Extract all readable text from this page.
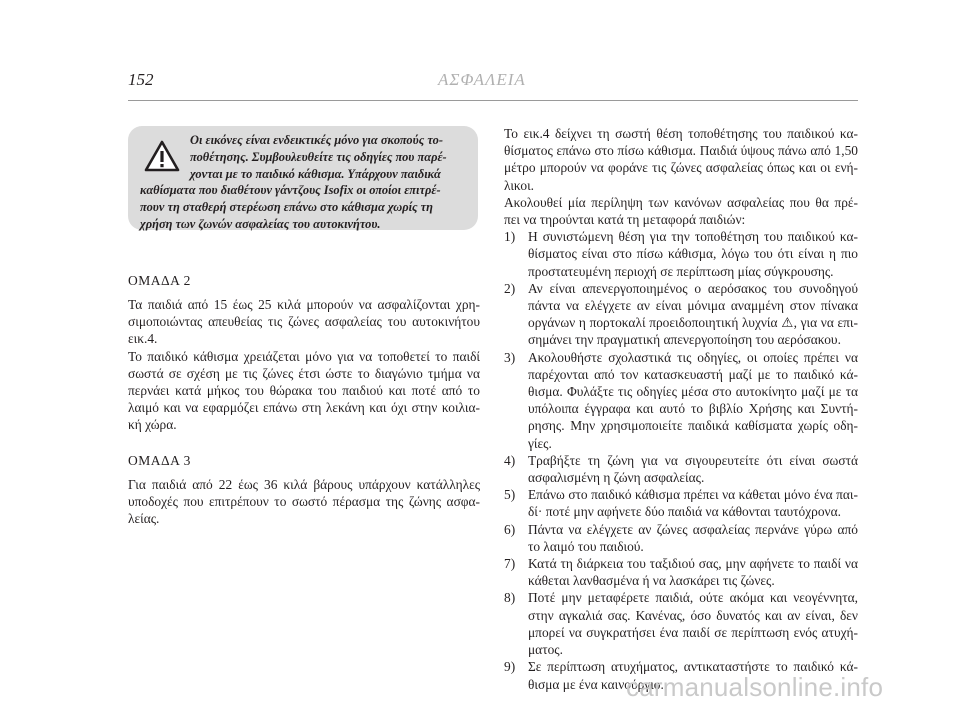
152	ΑΣΦΑΛΕΙΑ
Οι εικόνες είναι ενδεικτικές μόνο για σκοπούς το-
ποθέτησης. Συμβουλευθείτε τις οδηγίες που παρέ-
χονται με το παιδικό κάθισμα. Υπάρχουν παιδικά
καθίσματα που διαθέτουν γάντζους Isofix οι οποίοι επιτρέ-
πουν τη σταθερή στερέωση επάνω στο κάθισμα χωρίς τη
χρήση των ζωνών ασφαλείας του αυτοκινήτου.
ΟΜΑΔΑ 2

Τα παιδιά από 15 έως 25 κιλά μπορούν να ασφαλίζονται χρη-
σιμοποιώντας απευθείας τις ζώνες ασφαλείας του αυτοκινήτου
εικ.4.

Το παιδικό κάθισμα χρειάζεται μόνο για να τοποθετεί το παιδί
σωστά σε σχέση με τις ζώνες έτσι ώστε το διαγώνιο τμήμα να
περνάει κατά μήκος του θώρακα του παιδιού και ποτέ από το
λαιμό και να εφαρμόζει επάνω στη λεκάνη και όχι στην κοιλια-
κή χώρα.

ΟΜΑΔΑ 3

Για παιδιά από 22 έως 36 κιλά βάρους υπάρχουν κατάλληλες
υποδοχές που επιτρέπουν το σωστό πέρασμα της ζώνης ασφα-
λείας.

Το εικ.4 δείχνει τη σωστή θέση τοποθέτησης του παιδικού κα-
θίσματος επάνω στο πίσω κάθισμα. Παιδιά ύψους πάνω από 1,50
μέτρο μπορούν να φοράνε τις ζώνες ασφαλείας όπως και οι ενή-
λικοι.
Ακολουθεί μία περίληψη των κανόνων ασφαλείας που θα πρέ-
πει να τηρούνται κατά τη μεταφορά παιδιών:

1) Η συνιστώμενη θέση για την τοποθέτηση του παιδικού κα-
θίσματος είναι στο πίσω κάθισμα, λόγω του ότι είναι η πιο
προστατευμένη περιοχή σε περίπτωση μίας σύγκρουσης.
2) Αν είναι απενεργοποιημένος ο αερόσακος του συνοδηγού
πάντα να ελέγχετε αν είναι μόνιμα αναμμένη στον πίνακα
οργάνων η πορτοκαλί προειδοποιητική λυχνία ⚠, για να επι-
σημάνει την πραγματική απενεργοποίηση του αερόσακου.
3) Ακολουθήστε σχολαστικά τις οδηγίες, οι οποίες πρέπει να
παρέχονται από τον κατασκευαστή μαζί με το παιδικό κά-
θισμα. Φυλάξτε τις οδηγίες μέσα στο αυτοκίνητο μαζί με τα
υπόλοιπα έγγραφα και αυτό το βιβλίο Χρήσης και Συντή-
ρησης. Μην χρησιμοποιείτε παιδικά καθίσματα χωρίς οδη-
γίες.
4) Τραβήξτε τη ζώνη για να σιγουρευτείτε ότι είναι σωστά
ασφαλισμένη η ζώνη ασφαλείας.
5) Επάνω στο παιδικό κάθισμα πρέπει να κάθεται μόνο ένα παι-
δί· ποτέ μην αφήνετε δύο παιδιά να κάθονται ταυτόχρονα.
6) Πάντα να ελέγχετε αν ζώνες ασφαλείας περνάνε γύρω από
το λαιμό του παιδιού.
7) Κατά τη διάρκεια του ταξιδιού σας, μην αφήνετε το παιδί να
κάθεται λανθασμένα ή να λασκάρει τις ζώνες.
8) Ποτέ μην μεταφέρετε παιδιά, ούτε ακόμα και νεογέννητα,
στην αγκαλιά σας. Κανένας, όσο δυνατός και αν είναι, δεν
μπορεί να συγκρατήσει ένα παιδί σε περίπτωση ενός ατυχή-
ματος.
9) Σε περίπτωση ατυχήματος, αντικαταστήστε το παιδικό κά-
θισμα με ένα καινούργιο.
carmanualsonline.info
